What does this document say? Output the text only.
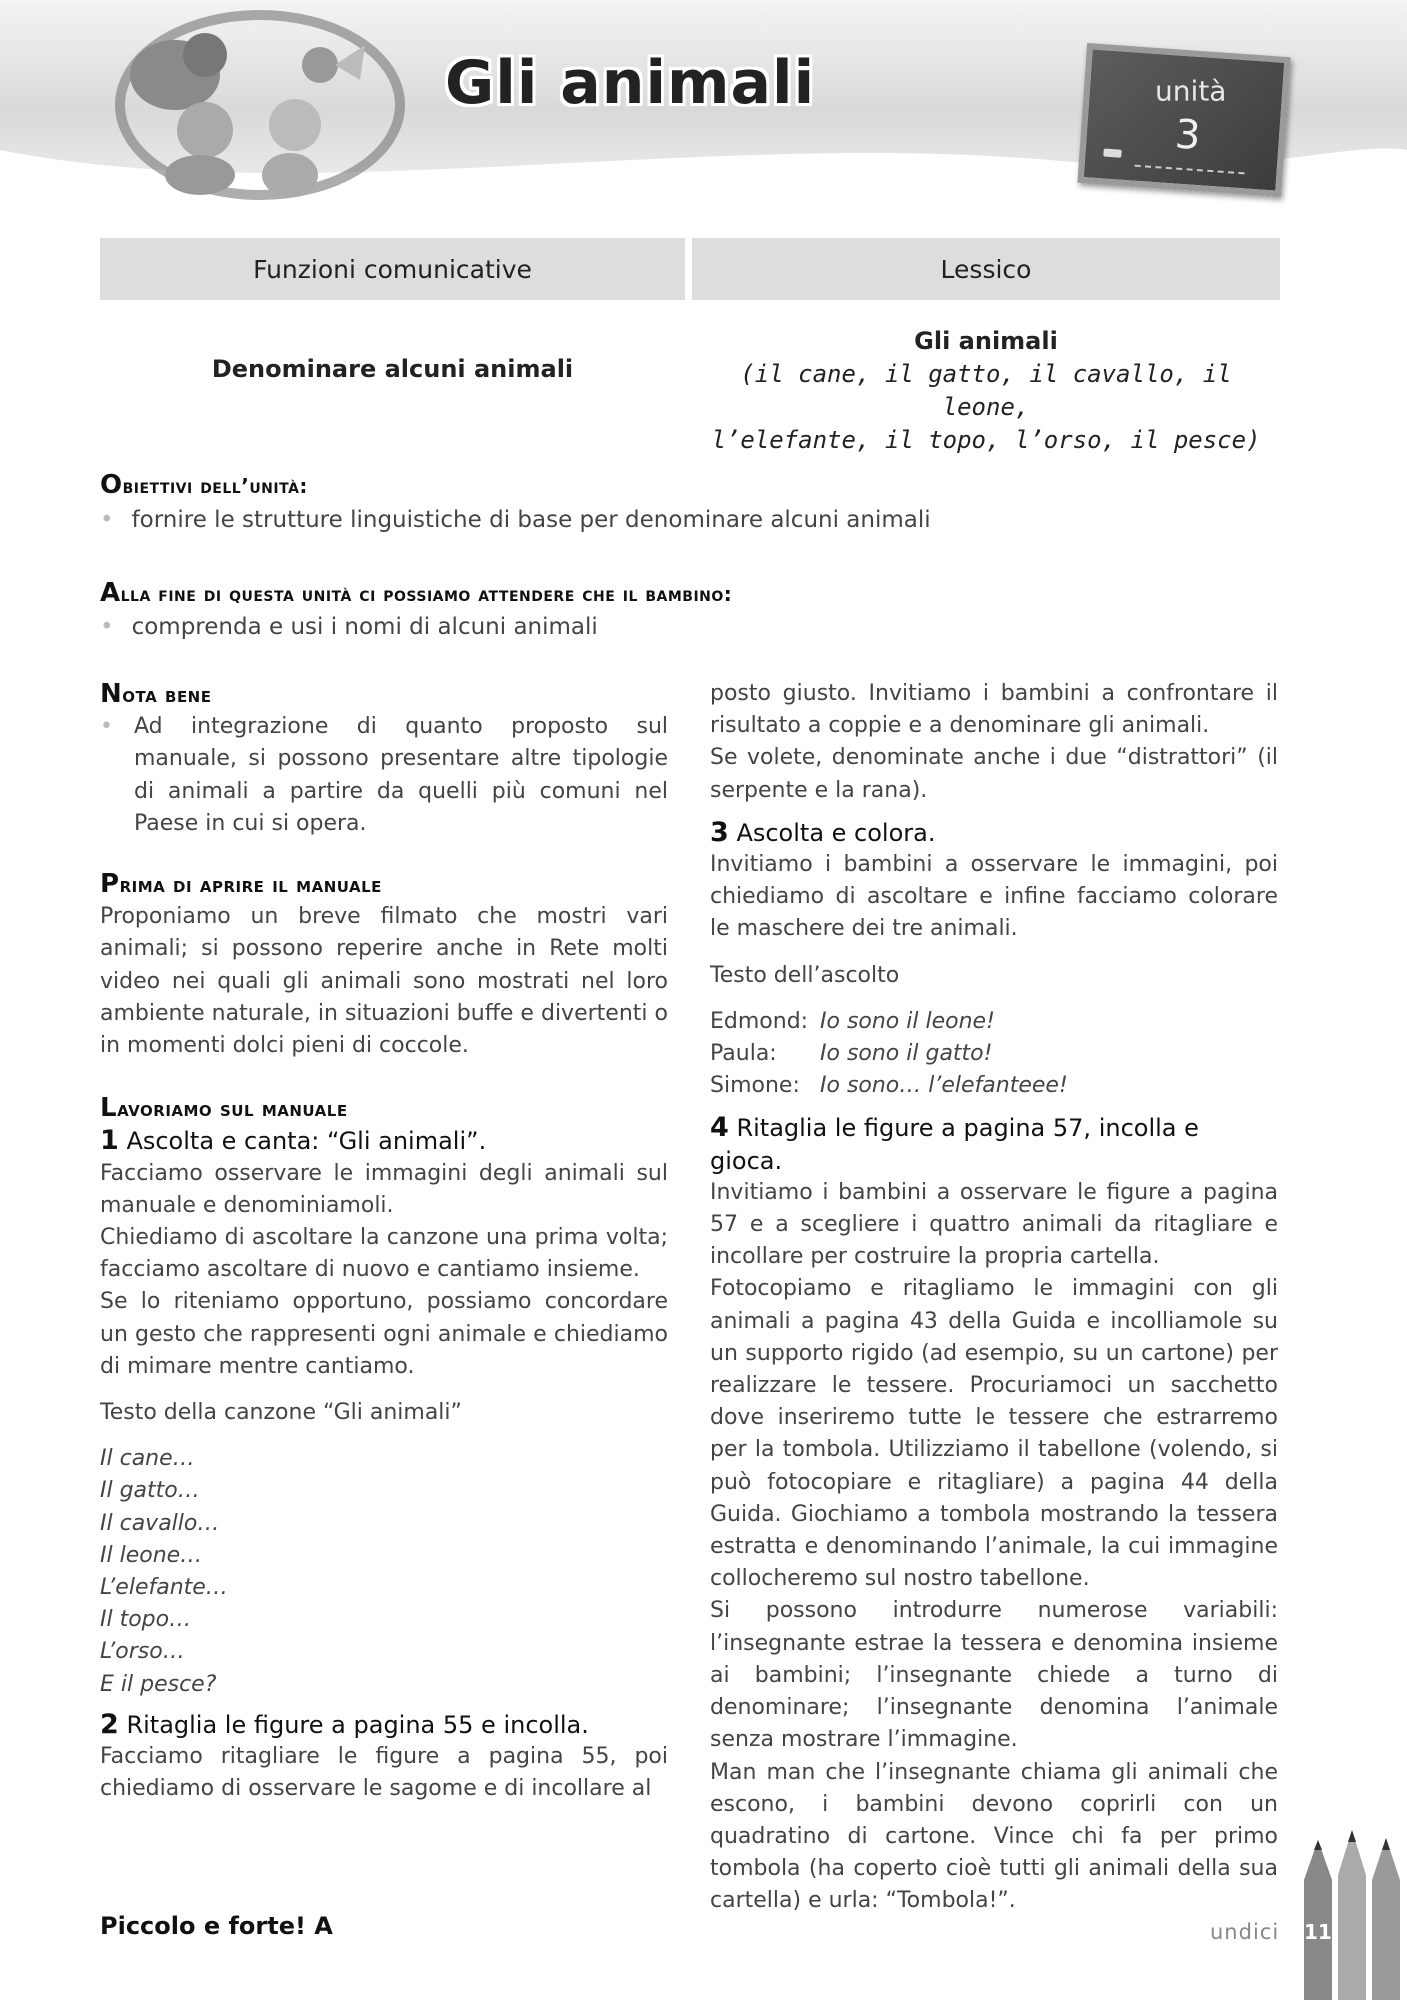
Gli animali	unità
3
Funzioni comunicative	Lessico
Denominare alcuni animali
Gli animali
(il cane, il gatto, il cavallo, il leone,
l’elefante, il topo, l’orso, il pesce)
Obiettivi dell’unità:
• fornire le strutture linguistiche di base per denominare alcuni animali
Alla fine di questa unità ci possiamo attendere che il bambino:
• comprenda e usi i nomi di alcuni animali
Nota bene
• Ad integrazione di quanto proposto sul manuale, si possono presentare altre tipologie di animali a partire da quelli più comuni nel Paese in cui si opera.

Prima di aprire il manuale

Proponiamo un breve filmato che mostri vari animali; si possono reperire anche in Rete molti video nei quali gli animali sono mostrati nel loro ambiente naturale, in situazioni buffe e divertenti o in momenti dolci pieni di coccole.

Lavoriamo sul manuale
1 Ascolta e canta: “Gli animali”.

Facciamo osservare le immagini degli animali sul manuale e denominiamoli.

Chiediamo di ascoltare la canzone una prima volta; facciamo ascoltare di nuovo e cantiamo insieme.

Se lo riteniamo opportuno, possiamo concordare un gesto che rappresenti ogni animale e chiediamo di mimare mentre cantiamo.

Testo della canzone “Gli animali”
Il cane…
Il gatto…
Il cavallo…
Il leone…
L’elefante…
Il topo…
L’orso…
E il pesce?
2 Ritaglia le figure a pagina 55 e incolla.

Facciamo ritagliare le figure a pagina 55, poi chiediamo di osservare le sagome e di incollare al

posto giusto. Invitiamo i bambini a confrontare il risultato a coppie e a denominare gli animali.

Se volete, denominate anche i due “distrattori” (il serpente e la rana).

3 Ascolta e colora.

Invitiamo i bambini a osservare le immagini, poi chiediamo di ascoltare e infine facciamo colorare le maschere dei tre animali.

Testo dell’ascolto
Edmond: Io sono il leone!
Paula:	Io sono il gatto!
Simone: Io sono… l’elefanteee!
4 Ritaglia le figure a pagina 57, incolla e gioca.

Invitiamo i bambini a osservare le figure a pagina 57 e a scegliere i quattro animali da ritagliare e incollare per costruire la propria cartella.

Fotocopiamo e ritagliamo le immagini con gli animali a pagina 43 della Guida e incolliamole su un supporto rigido (ad esempio, su un cartone) per realizzare le tessere. Procuriamoci un sacchetto dove inseriremo tutte le tessere che estrarremo per la tombola. Utilizziamo il tabellone (volendo, si può fotocopiare e ritagliare) a pagina 44 della Guida. Giochiamo a tombola mostrando la tessera estratta e denominando l’animale, la cui immagine collocheremo sul nostro tabellone.

Si possono introdurre numerose variabili: l’insegnante estrae la tessera e denomina insieme ai bambini; l’insegnante chiede a turno di denominare; l’insegnante denomina l’animale senza mostrare l’immagine.

Man man che l’insegnante chiama gli animali che escono, i bambini devono coprirli con un quadratino di cartone. Vince chi fa per primo tombola (ha coperto cioè tutti gli animali della sua cartella) e urla: “Tombola!”.

Piccolo e forte! A	undici 11
